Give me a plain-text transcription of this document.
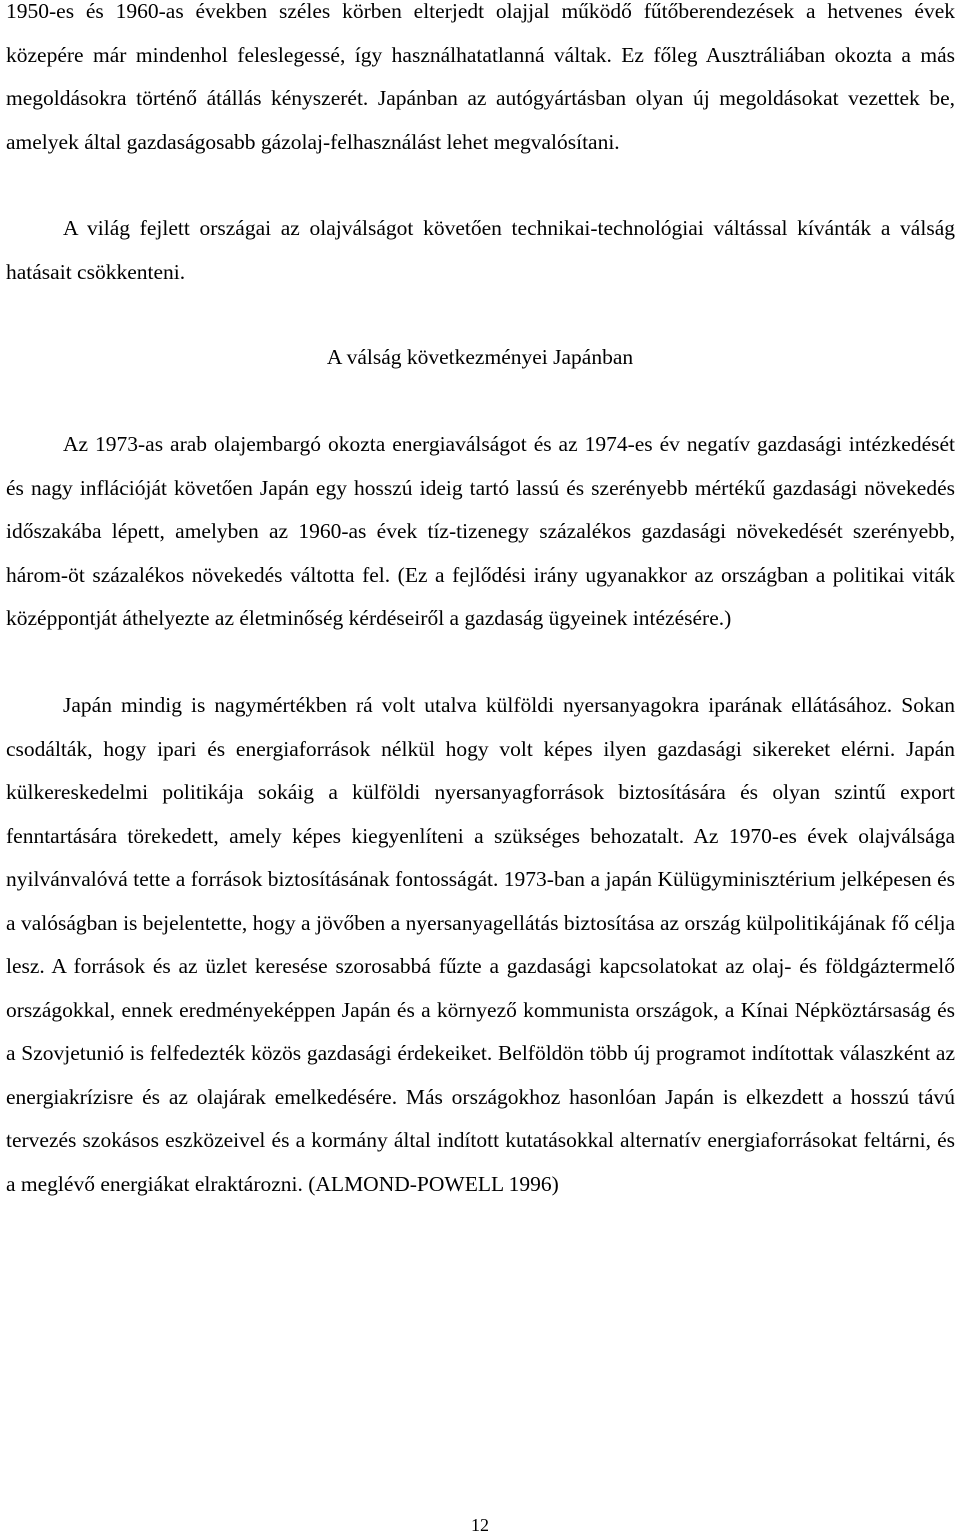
1950-es és 1960-as években széles körben elterjedt olajjal működő fűtőberendezések a hetvenes évek közepére már mindenhol feleslegessé, így használhatatlanná váltak. Ez főleg Ausztráliában okozta a más megoldásokra történő átállás kényszerét. Japánban az autógyártásban olyan új megoldásokat vezettek be, amelyek által gazdaságosabb gázolaj-felhasználást lehet megvalósítani.

A világ fejlett országai az olajválságot követően technikai-technológiai váltással kívánták a válság hatásait csökkenteni.

A válság következményei Japánban

Az 1973-as arab olajembargó okozta energiaválságot és az 1974-es év negatív gazdasági intézkedését és nagy inflációját követően Japán egy hosszú ideig tartó lassú és szerényebb mértékű gazdasági növekedés időszakába lépett, amelyben az 1960-as évek tíz-tizenegy százalékos gazdasági növekedését szerényebb, három-öt százalékos növekedés váltotta fel. (Ez a fejlődési irány ugyanakkor az országban a politikai viták középpontját áthelyezte az életminőség kérdéseiről a gazdaság ügyeinek intézésére.)

Japán mindig is nagymértékben rá volt utalva külföldi nyersanyagokra iparának ellátásához. Sokan csodálták, hogy ipari és energiaforrások nélkül hogy volt képes ilyen gazdasági sikereket elérni. Japán külkereskedelmi politikája sokáig a külföldi nyersanyagforrások biztosítására és olyan szintű export fenntartására törekedett, amely képes kiegyenlíteni a szükséges behozatalt. Az 1970-es évek olajválsága nyilvánvalóvá tette a források biztosításának fontosságát. 1973-ban a japán Külügyminisztérium jelképesen és a valóságban is bejelentette, hogy a jövőben a nyersanyagellátás biztosítása az ország külpolitikájának fő célja lesz. A források és az üzlet keresése szorosabbá fűzte a gazdasági kapcsolatokat az olaj- és földgáztermelő országokkal, ennek eredményeképpen Japán és a környező kommunista országok, a Kínai Népköztársaság és a Szovjetunió is felfedezték közös gazdasági érdekeiket. Belföldön több új programot indítottak válaszként az energiakrízisre és az olajárak emelkedésére. Más országokhoz hasonlóan Japán is elkezdett a hosszú távú tervezés szokásos eszközeivel és a kormány által indított kutatásokkal alternatív energiaforrásokat feltárni, és a meglévő energiákat elraktározni. (ALMOND-POWELL 1996)

12
